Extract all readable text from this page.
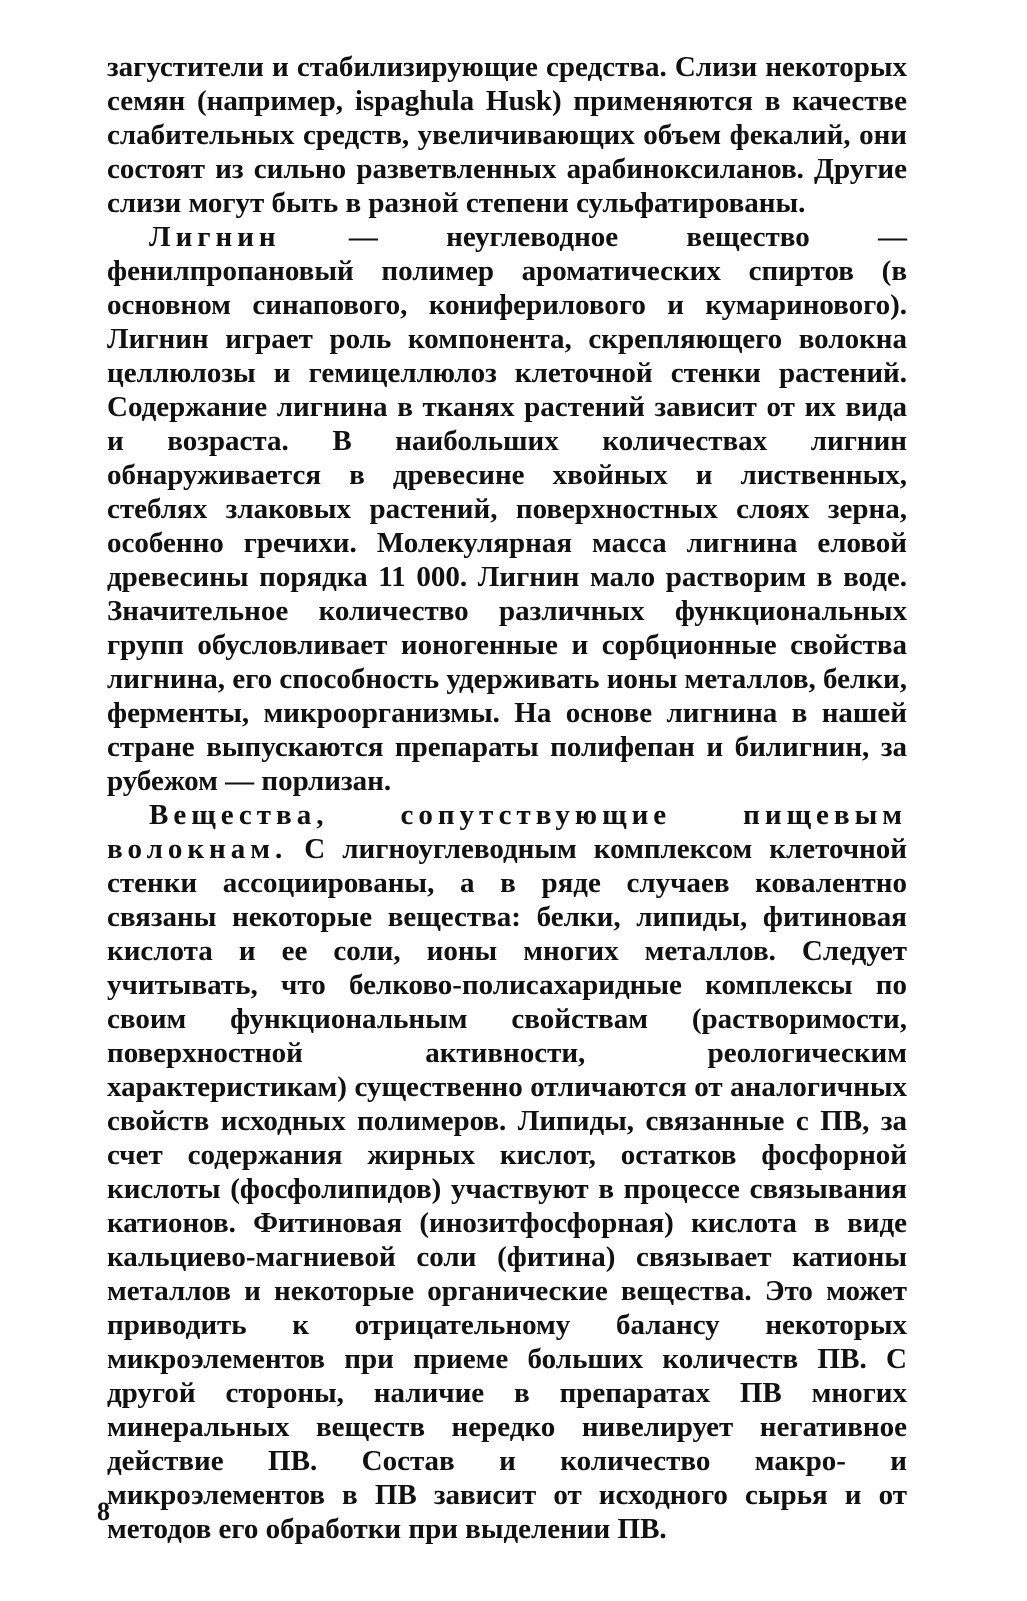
загустители и стабилизирующие средства. Слизи некоторых семян (например, ispaghula Husk) применяются в качестве слабительных средств, увеличивающих объем фекалий, они состоят из сильно разветвленных арабиноксиланов. Другие слизи могут быть в разной степени сульфатированы.

Лигнин — неуглеводное вещество — фенилпропановый полимер ароматических спиртов (в основном синапового, кониферилового и кумаринового). Лигнин играет роль компонента, скрепляющего волокна целлюлозы и гемицеллюлоз клеточной стенки растений. Содержание лигнина в тканях растений зависит от их вида и возраста. В наибольших количествах лигнин обнаруживается в древесине хвойных и лиственных, стеблях злаковых растений, поверхностных слоях зерна, особенно гречихи. Молекулярная масса лигнина еловой древесины порядка 11 000. Лигнин мало растворим в воде. Значительное количество различных функциональных групп обусловливает ионогенные и сорбционные свойства лигнина, его способность удерживать ионы металлов, белки, ферменты, микроорганизмы. На основе лигнина в нашей стране выпускаются препараты полифепан и билигнин, за рубежом — порлизан.

Вещества, сопутствующие пищевым волокнам. С лигноуглеводным комплексом клеточной стенки ассоциированы, а в ряде случаев ковалентно связаны некоторые вещества: белки, липиды, фитиновая кислота и ее соли, ионы многих металлов. Следует учитывать, что белково-полисахаридные комплексы по своим функциональным свойствам (растворимости, поверхностной активности, реологическим характеристикам) существенно отличаются от аналогичных свойств исходных полимеров. Липиды, связанные с ПВ, за счет содержания жирных кислот, остатков фосфорной кислоты (фосфолипидов) участвуют в процессе связывания катионов. Фитиновая (инозитфосфорная) кислота в виде кальциево-магниевой соли (фитина) связывает катионы металлов и некоторые органические вещества. Это может приводить к отрицательному балансу некоторых микроэлементов при приеме больших количеств ПВ. С другой стороны, наличие в препаратах ПВ многих минеральных веществ нередко нивелирует негативное действие ПВ. Состав и количество макро- и микроэлементов в ПВ зависит от исходного сырья и от методов его обработки при выделении ПВ.

8
